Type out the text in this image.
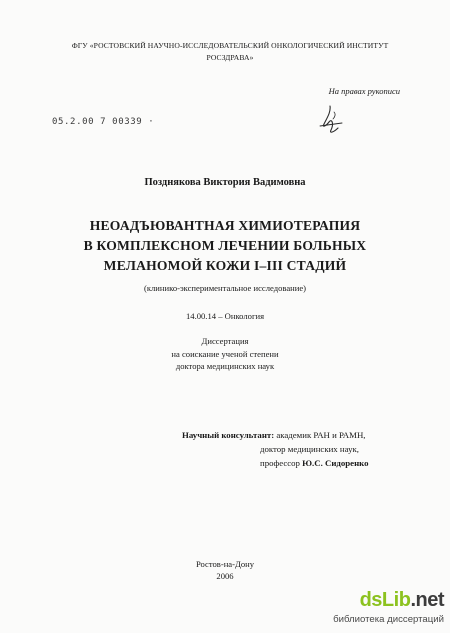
ФГУ «РОСТОВСКИЙ НАУЧНО-ИССЛЕДОВАТЕЛЬСКИЙ ОНКОЛОГИЧЕСКИЙ ИНСТИТУТ
РОСЗДРАВА»
На правах рукописи
05.2.00 7 00339 ·
Позднякова Виктория Вадимовна
НЕОАДЪЮВАНТНАЯ ХИМИОТЕРАПИЯ
В КОМПЛЕКСНОМ ЛЕЧЕНИИ БОЛЬНЫХ
МЕЛАНОМОЙ КОЖИ I–III СТАДИЙ
(клинико-экспериментальное исследование)
14.00.14 – Онкология
Диссертация
на соискание ученой степени
доктора медицинских наук
Научный консультант: академик РАН и РАМН,
доктор медицинских наук,
профессор Ю.С. Сидоренко
Ростов-на-Дону
2006
dsLib.net
библиотека диссертаций
